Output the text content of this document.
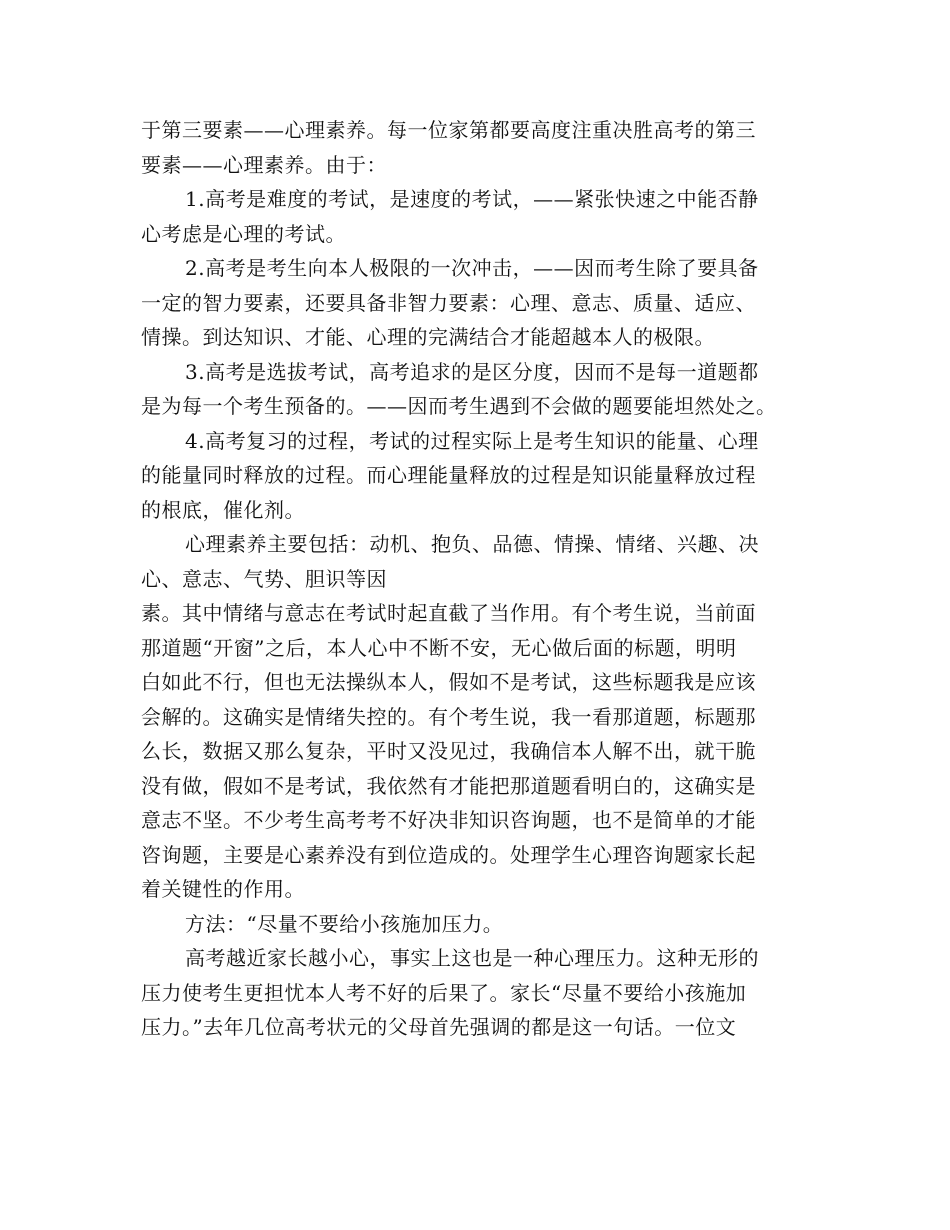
于第三要素——心理素养。每一位家第都要高度注重决胜高考的第三
要素——心理素养。由于：
1.高考是难度的考试，是速度的考试，——紧张快速之中能否静
心考虑是心理的考试。
2.高考是考生向本人极限的一次冲击，——因而考生除了要具备
一定的智力要素，还要具备非智力要素：心理、意志、质量、适应、
情操。到达知识、才能、心理的完满结合才能超越本人的极限。
3.高考是选拔考试，高考追求的是区分度，因而不是每一道题都
是为每一个考生预备的。——因而考生遇到不会做的题要能坦然处之。
4.高考复习的过程，考试的过程实际上是考生知识的能量、心理
的能量同时释放的过程。而心理能量释放的过程是知识能量释放过程
的根底，催化剂。
心理素养主要包括：动机、抱负、品德、情操、情绪、兴趣、决
心、意志、气势、胆识等因
素。其中情绪与意志在考试时起直截了当作用。有个考生说，当前面
那道题“开窗”之后，本人心中不断不安，无心做后面的标题，明明
白如此不行，但也无法操纵本人，假如不是考试，这些标题我是应该
会解的。这确实是情绪失控的。有个考生说，我一看那道题，标题那
么长，数据又那么复杂，平时又没见过，我确信本人解不出，就干脆
没有做，假如不是考试，我依然有才能把那道题看明白的，这确实是
意志不坚。不少考生高考考不好决非知识咨询题，也不是简单的才能
咨询题，主要是心素养没有到位造成的。处理学生心理咨询题家长起
着关键性的作用。
方法：“尽量不要给小孩施加压力。
高考越近家长越小心，事实上这也是一种心理压力。这种无形的
压力使考生更担忧本人考不好的后果了。家长“尽量不要给小孩施加
压力。”去年几位高考状元的父母首先强调的都是这一句话。一位文
